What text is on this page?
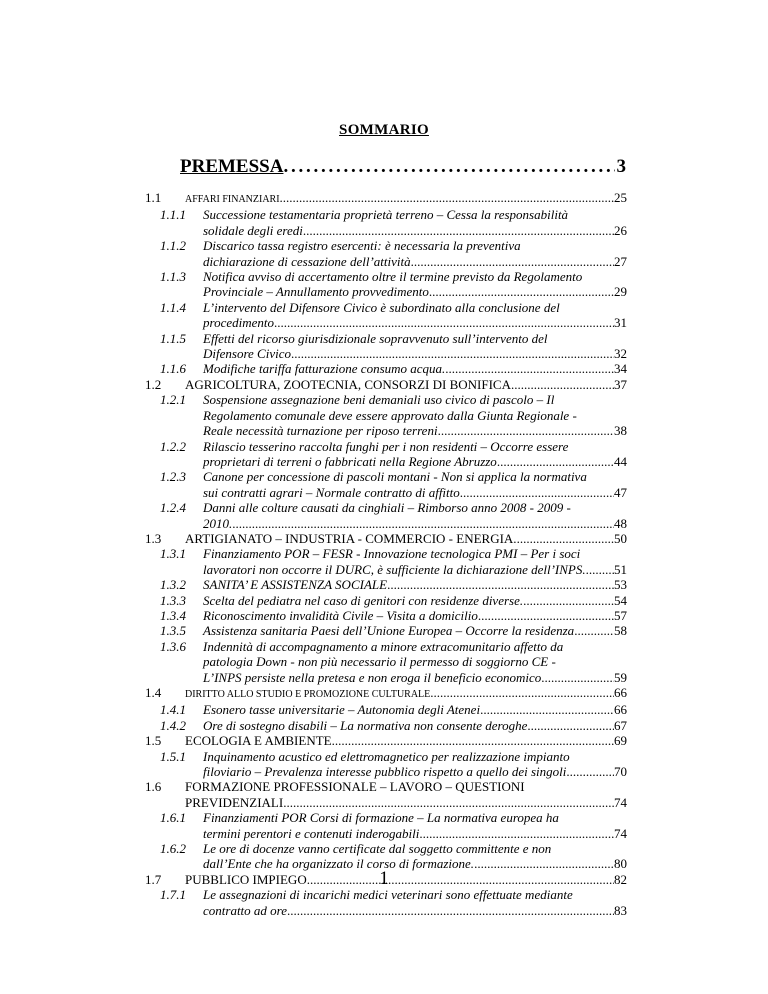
SOMMARIO
PREMESSA . . .	3
1.1 AFFARI FINANZIARI .....	25
1.1.1 Successione testamentaria proprietà terreno – Cessa la responsabilità
solidale degli eredi .....	26
1.1.2 Discarico tassa registro esercenti: è necessaria la preventiva
dichiarazione di cessazione dell’attività .....	27
1.1.3 Notifica avviso di accertamento oltre il termine previsto da Regolamento
Provinciale – Annullamento provvedimento .....	29
1.1.4 L’intervento del Difensore Civico è subordinato alla conclusione del
procedimento .....	31
1.1.5 Effetti del ricorso giurisdizionale sopravvenuto sull’intervento del
Difensore Civico .....	32
1.1.6 Modifiche tariffa fatturazione consumo acqua. .....	34
1.2 AGRICOLTURA, ZOOTECNIA, CONSORZI DI BONIFICA .....	37
1.2.1 Sospensione assegnazione beni demaniali uso civico di pascolo – Il
Regolamento comunale deve essere approvato dalla Giunta Regionale -
Reale necessità turnazione per riposo terreni .....	38
1.2.2 Rilascio tesserino raccolta funghi per i non residenti – Occorre essere
proprietari di terreni o fabbricati nella Regione Abruzzo .....	44
1.2.3 Canone per concessione di pascoli montani - Non si applica la normativa
sui contratti agrari – Normale contratto di affitto .....	47
1.2.4 Danni alle colture causati da cinghiali – Rimborso anno 2008 - 2009 -
2010. .....	48
1.3 ARTIGIANATO – INDUSTRIA - COMMERCIO - ENERGIA. .....	50
1.3.1 Finanziamento POR – FESR - Innovazione tecnologica PMI – Per i soci
lavoratori non occorre il DURC, è sufficiente la dichiarazione dell’INPS. ..... 51
1.3.2 SANITA’ E ASSISTENZA SOCIALE .....	53
1.3.3 Scelta del pediatra nel caso di genitori con residenze diverse. .....	54
1.3.4 Riconoscimento invalidità Civile – Visita a domicilio .....	57
1.3.5 Assistenza sanitaria Paesi dell’Unione Europea – Occorre la residenza .....	58
1.3.6 Indennità di accompagnamento a minore extracomunitario affetto da
patologia Down - non più necessario il permesso di soggiorno CE -
L’INPS persiste nella pretesa e non eroga il beneficio economico .....	59
1.4 DIRITTO ALLO STUDIO E PROMOZIONE CULTURALE .....	66
1.4.1 Esonero tasse universitarie – Autonomia degli Atenei .....	66
1.4.2 Ore di sostegno disabili – La normativa non consente deroghe .....	67
1.5 ECOLOGIA E AMBIENTE .....	69
1.5.1 Inquinamento acustico ed elettromagnetico per realizzazione impianto
filoviario – Prevalenza interesse pubblico rispetto a quello dei singoli .....	70
1.6 FORMAZIONE PROFESSIONALE – LAVORO – QUESTIONI
PREVIDENZIALI .....	74
1.6.1 Finanziamenti POR Corsi di formazione – La normativa europea ha
termini perentori e contenuti inderogabili .....	74
1.6.2 Le ore di docenze vanno certificate dal soggetto committente e non
dall’Ente che ha organizzato il corso di formazione. .....	80
1.7 PUBBLICO IMPIEGO .....	82
1.7.1 Le assegnazioni di incarichi medici veterinari sono effettuate mediante
contratto ad ore .....	83
1
